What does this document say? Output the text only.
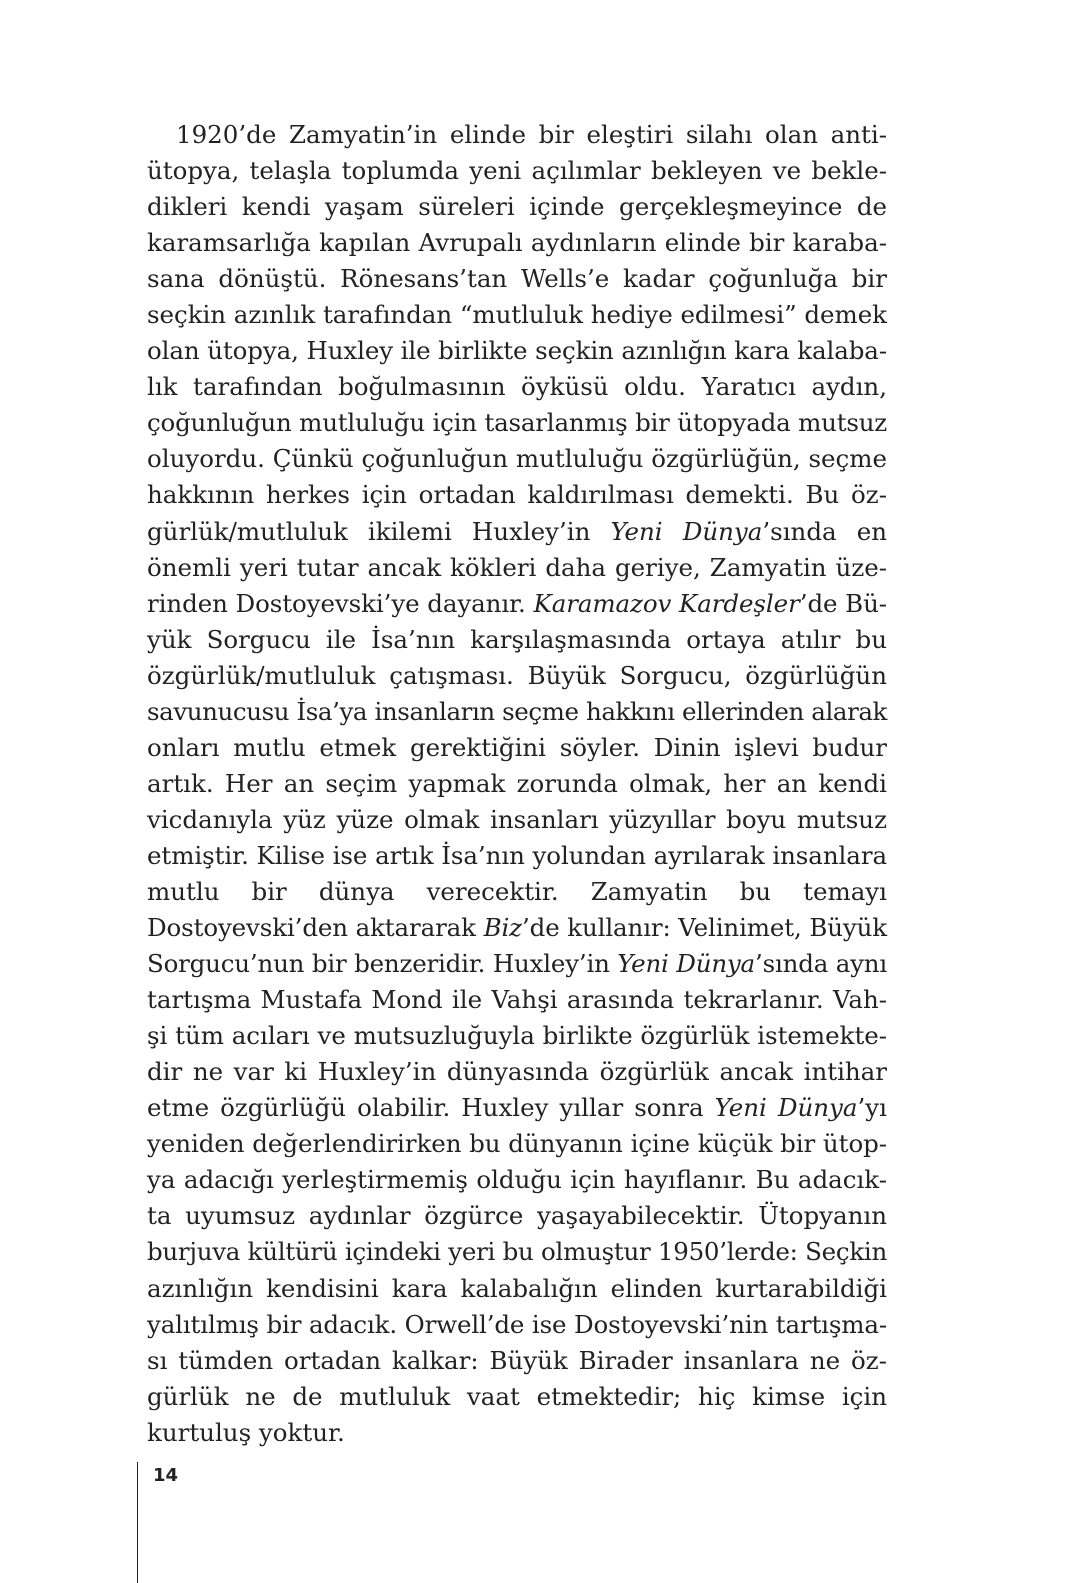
1920’de Zamyatin’in elinde bir eleştiri silahı olan anti-
ütopya, telaşla toplumda yeni açılımlar bekleyen ve bekle-
dikleri kendi yaşam süreleri içinde gerçekleşmeyince de
karamsarlığa kapılan Avrupalı aydınların elinde bir karaba-
sana dönüştü. Rönesans’tan Wells’e kadar çoğunluğa bir
seçkin azınlık tarafından “mutluluk hediye edilmesi” demek
olan ütopya, Huxley ile birlikte seçkin azınlığın kara kalaba-
lık tarafından boğulmasının öyküsü oldu. Yaratıcı aydın,
çoğunluğun mutluluğu için tasarlanmış bir ütopyada mutsuz
oluyordu. Çünkü çoğunluğun mutluluğu özgürlüğün, seçme
hakkının herkes için ortadan kaldırılması demekti. Bu öz-
gürlük/mutluluk ikilemi Huxley’in Yeni Dünya’sında en
önemli yeri tutar ancak kökleri daha geriye, Zamyatin üze-
rinden Dostoyevski’ye dayanır. Karamazov Kardeşler’de Bü-
yük Sorgucu ile İsa’nın karşılaşmasında ortaya atılır bu
özgürlük/mutluluk çatışması. Büyük Sorgucu, özgürlüğün
savunucusu İsa’ya insanların seçme hakkını ellerinden alarak
onları mutlu etmek gerektiğini söyler. Dinin işlevi budur
artık. Her an seçim yapmak zorunda olmak, her an kendi
vicdanıyla yüz yüze olmak insanları yüzyıllar boyu mutsuz
etmiştir. Kilise ise artık İsa’nın yolundan ayrılarak insanlara
mutlu bir dünya verecektir. Zamyatin bu temayı
Dostoyevski’den aktararak Biz’de kullanır: Velinimet, Büyük
Sorgucu’nun bir benzeridir. Huxley’in Yeni Dünya’sında aynı
tartışma Mustafa Mond ile Vahşi arasında tekrarlanır. Vah-
şi tüm acıları ve mutsuzluğuyla birlikte özgürlük istemekte-
dir ne var ki Huxley’in dünyasında özgürlük ancak intihar
etme özgürlüğü olabilir. Huxley yıllar sonra Yeni Dünya’yı
yeniden değerlendirirken bu dünyanın içine küçük bir ütop-
ya adacığı yerleştirmemiş olduğu için hayıflanır. Bu adacık-
ta uyumsuz aydınlar özgürce yaşayabilecektir. Ütopyanın
burjuva kültürü içindeki yeri bu olmuştur 1950’lerde: Seçkin
azınlığın kendisini kara kalabalığın elinden kurtarabildiği
yalıtılmış bir adacık. Orwell’de ise Dostoyevski’nin tartışma-
sı tümden ortadan kalkar: Büyük Birader insanlara ne öz-
gürlük ne de mutluluk vaat etmektedir; hiç kimse için
kurtuluş yoktur.
14
